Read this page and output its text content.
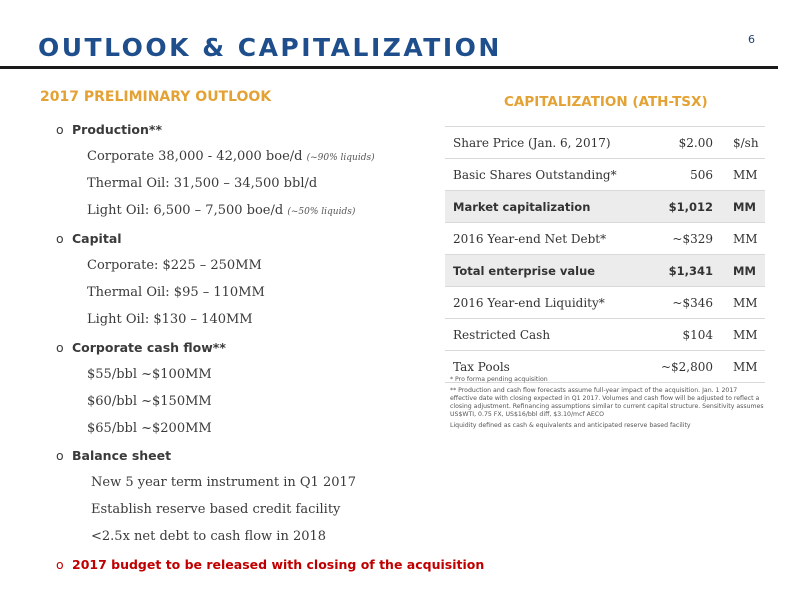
6
OUTLOOK & CAPITALIZATION
2017 PRELIMINARY OUTLOOK
o Production**
Corporate 38,000 - 42,000 boe/d (~90% liquids)
Thermal Oil: 31,500 – 34,500 bbl/d
Light Oil: 6,500 – 7,500 boe/d (~50% liquids)
o Capital
Corporate: $225 – 250MM
Thermal Oil: $95 – 110MM
Light Oil: $130 – 140MM
o Corporate cash flow**
$55/bbl ~$100MM
$60/bbl ~$150MM
$65/bbl ~$200MM
o Balance sheet
New 5 year term instrument in Q1 2017
Establish reserve based credit facility
<2.5x net debt to cash flow in 2018
o 2017 budget to be released with closing of the acquisition
CAPITALIZATION (ATH-TSX)
Share Price (Jan. 6, 2017)	$2.00 $/sh
Basic Shares Outstanding*	506 MM
Market capitalization	$1,012 MM
2016 Year-end Net Debt*	~$329 MM
Total enterprise value	$1,341 MM
2016 Year-end Liquidity*	~$346 MM
Restricted Cash	$104 MM
Tax Pools	~$2,800 MM

* Pro forma pending acquisition

** Production and cash flow forecasts assume full-year impact of the acquisition. Jan. 1 2017 effective date with closing expected in Q1 2017. Volumes and cash flow will be adjusted to reflect a closing adjustment. Refinancing assumptions similar to current capital structure. Sensitivity assumes US$WTI, 0.75 FX, US$16/bbl diff, $3.10/mcf AECO

Liquidity defined as cash & equivalents and anticipated reserve based facility
